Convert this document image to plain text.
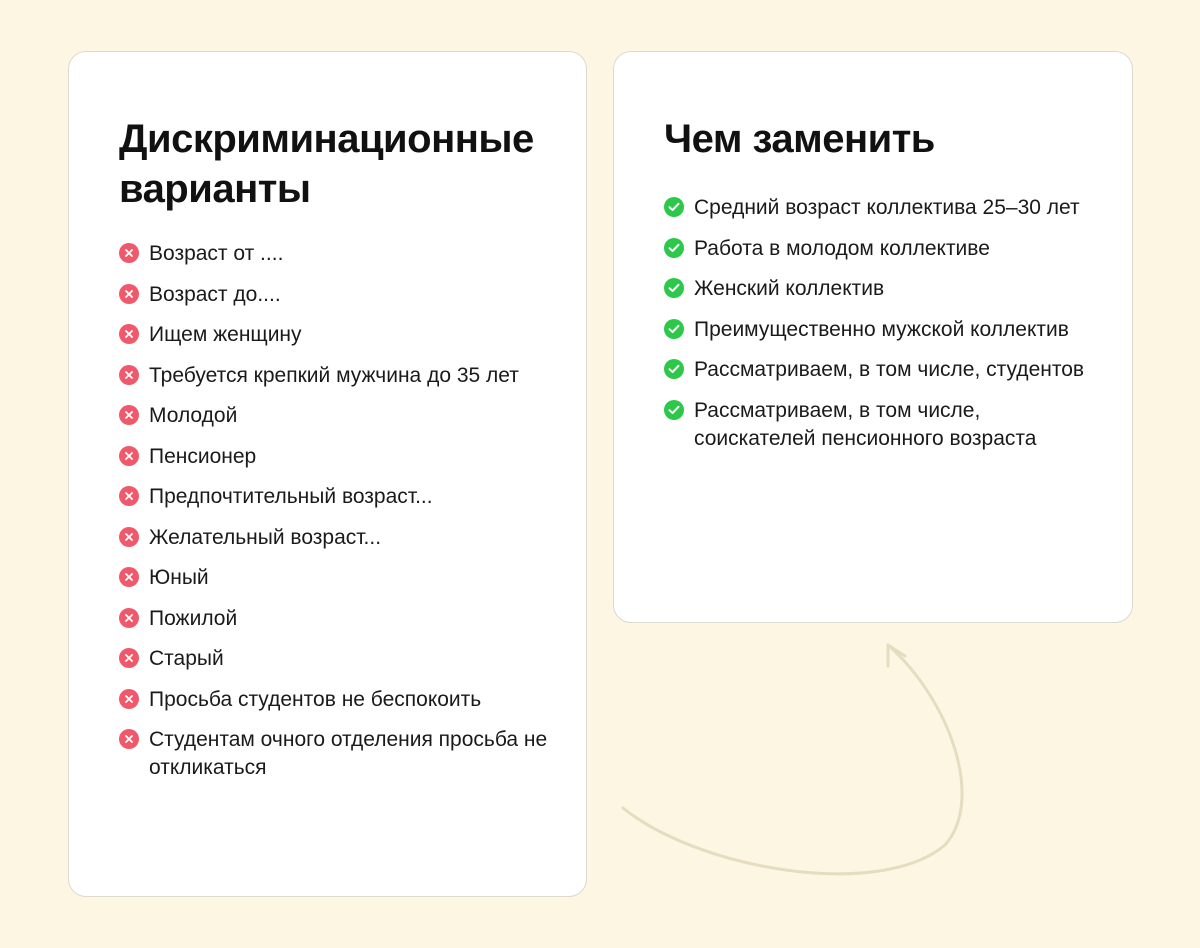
Дискриминационные варианты
Возраст от ....
Возраст до....
Ищем женщину
Требуется крепкий мужчина до 35 лет
Молодой
Пенсионер
Предпочтительный возраст...
Желательный возраст...
Юный
Пожилой
Старый
Просьба студентов не беспокоить
Студентам очного отделения просьба не откликаться
Чем заменить
Средний возраст коллектива 25–30 лет
Работа в молодом коллективе
Женский коллектив
Преимущественно мужской коллектив
Рассматриваем, в том числе, студентов
Рассматриваем, в том числе, соискателей пенсионного возраста
